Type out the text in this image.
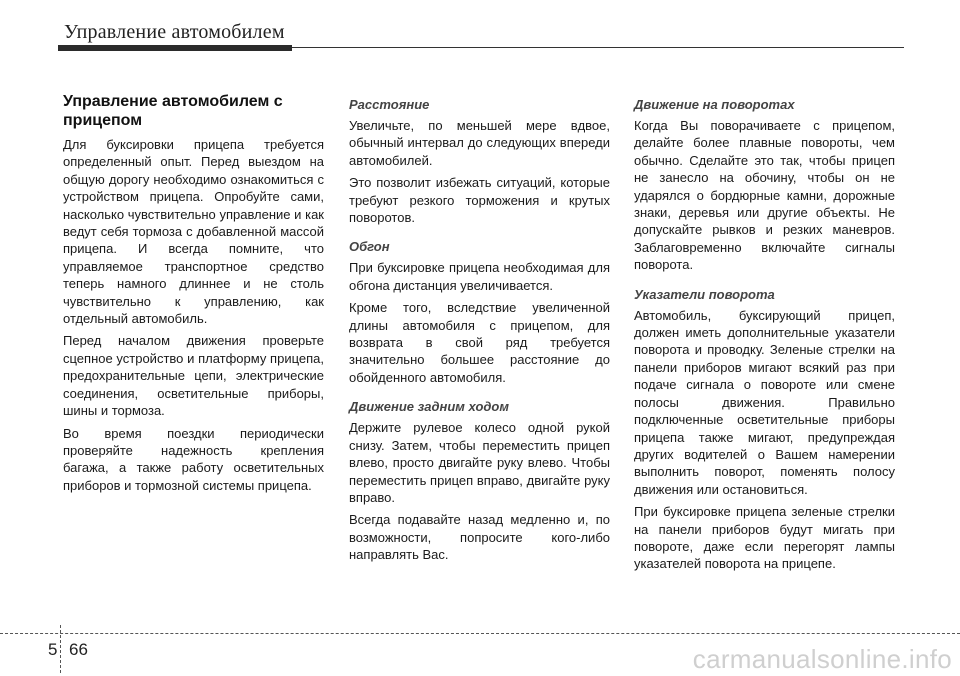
Управление автомобилем
Управление автомобилем с прицепом

Для буксировки прицепа требуется определенный опыт. Перед выездом на общую дорогу необходимо ознакомиться с устройством прицепа. Опробуйте сами, насколько чувствительно управление и как ведут себя тормоза с добавленной массой прицепа. И всегда помните, что управляемое транспортное средство теперь намного длиннее и не столь чувствительно к управлению, как отдельный автомобиль.

Перед началом движения проверьте сцепное устройство и платформу прицепа, предохранительные цепи, электрические соединения, осветительные приборы, шины и тормоза.

Во время поездки периодически проверяйте надежность крепления багажа, а также работу осветительных приборов и тормозной системы прицепа.

Расстояние

Увеличьте, по меньшей мере вдвое, обычный интервал до следующих впереди автомобилей.

Это позволит избежать ситуаций, которые требуют резкого торможения и крутых поворотов.

Обгон

При буксировке прицепа необходимая для обгона дистанция увеличивается.

Кроме того, вследствие увеличенной длины автомобиля с прицепом, для возврата в свой ряд требуется значительно большее расстояние до обойденного автомобиля.

Движение задним ходом

Держите рулевое колесо одной рукой снизу. Затем, чтобы переместить прицеп влево, просто двигайте руку влево. Чтобы переместить прицеп вправо, двигайте руку вправо.

Всегда подавайте назад медленно и, по возможности, попросите кого-либо направлять Вас.

Движение на поворотах

Когда Вы поворачиваете с прицепом, делайте более плавные повороты, чем обычно. Сделайте это так, чтобы прицеп не занесло на обочину, чтобы он не ударялся о бордюрные камни, дорожные знаки, деревья или другие объекты. Не допускайте рывков и резких маневров. Заблаговременно включайте сигналы поворота.

Указатели поворота

Автомобиль, буксирующий прицеп, должен иметь дополнительные указатели поворота и проводку. Зеленые стрелки на панели приборов мигают всякий раз при подаче сигнала о повороте или смене полосы движения. Правильно подключенные осветительные приборы прицепа также мигают, предупреждая других водителей о Вашем намерении выполнить поворот, поменять полосу движения или остановиться.

При буксировке прицепа зеленые стрелки на панели приборов будут мигать при повороте, даже если перегорят лампы указателей поворота на прицепе.

5 66	carmanualsonline.info
